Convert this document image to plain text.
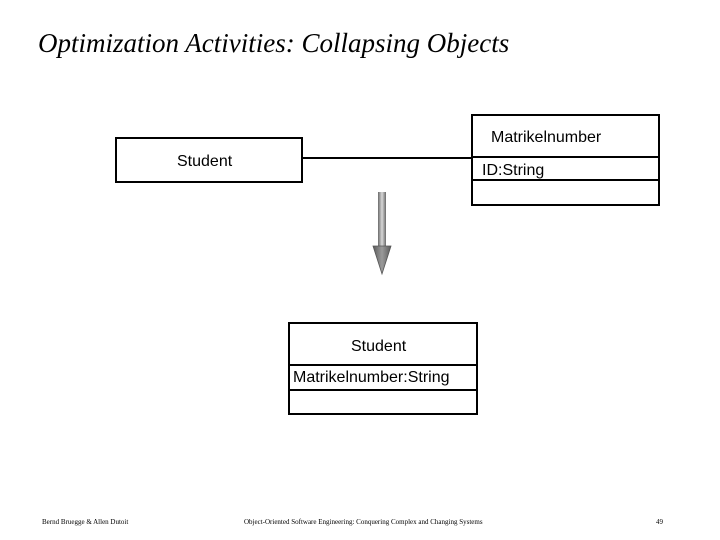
Optimization Activities: Collapsing Objects
Student
Matrikelnumber
ID:String
Student
Matrikelnumber:String
Bernd Bruegge & Allen Dutoit	Object-Oriented Software Engineering: Conquering Complex and Changing Systems	49
